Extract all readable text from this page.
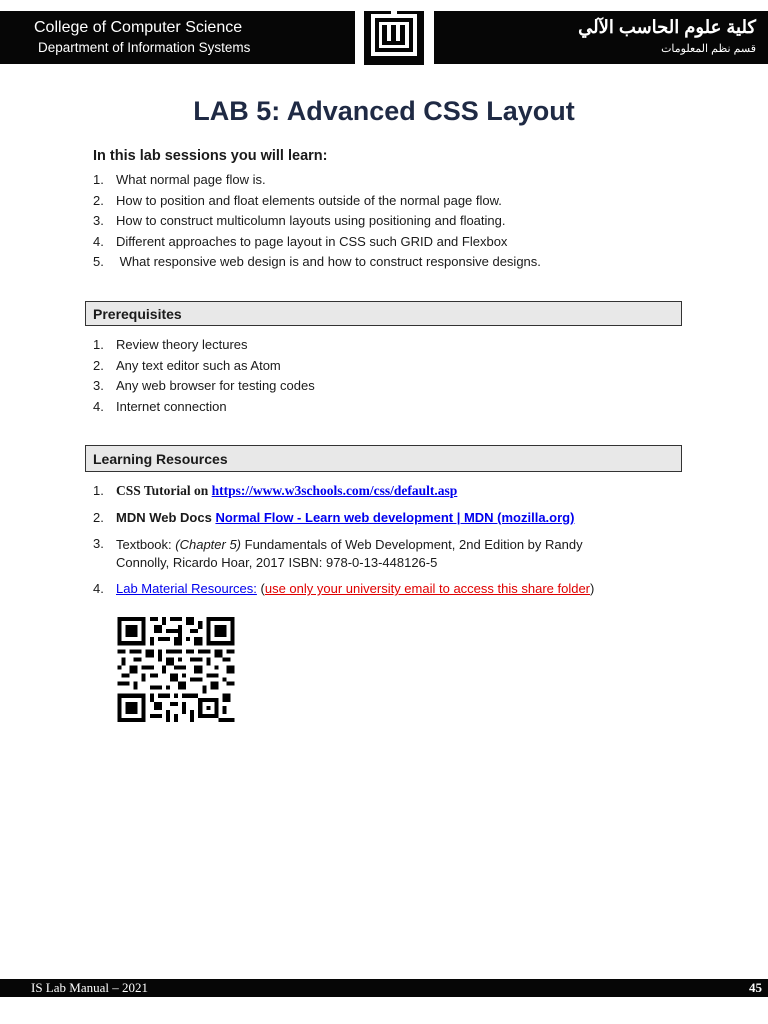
College of Computer Science
Department of Information Systems
كلية علوم الحاسب الآلي
قسم نظم المعلومات
LAB 5: Advanced CSS Layout
In this lab sessions you will learn:
1. What normal page flow is.
2. How to position and float elements outside of the normal page flow.
3. How to construct multicolumn layouts using positioning and floating.
4. Different approaches to page layout in CSS such GRID and Flexbox
5. What responsive web design is and how to construct responsive designs.
Prerequisites
1. Review theory lectures
2. Any text editor such as Atom
3. Any web browser for testing codes
4. Internet connection
Learning Resources
1. CSS Tutorial on https://www.w3schools.com/css/default.asp
2. MDN Web Docs Normal Flow - Learn web development | MDN (mozilla.org)
3. Textbook: (Chapter 5) Fundamentals of Web Development, 2nd Edition by Randy
Connolly, Ricardo Hoar, 2017 ISBN: 978-0-13-448126-5
4. Lab Material Resources: (use only your university email to access this share folder)
IS Lab Manual – 2021	45
